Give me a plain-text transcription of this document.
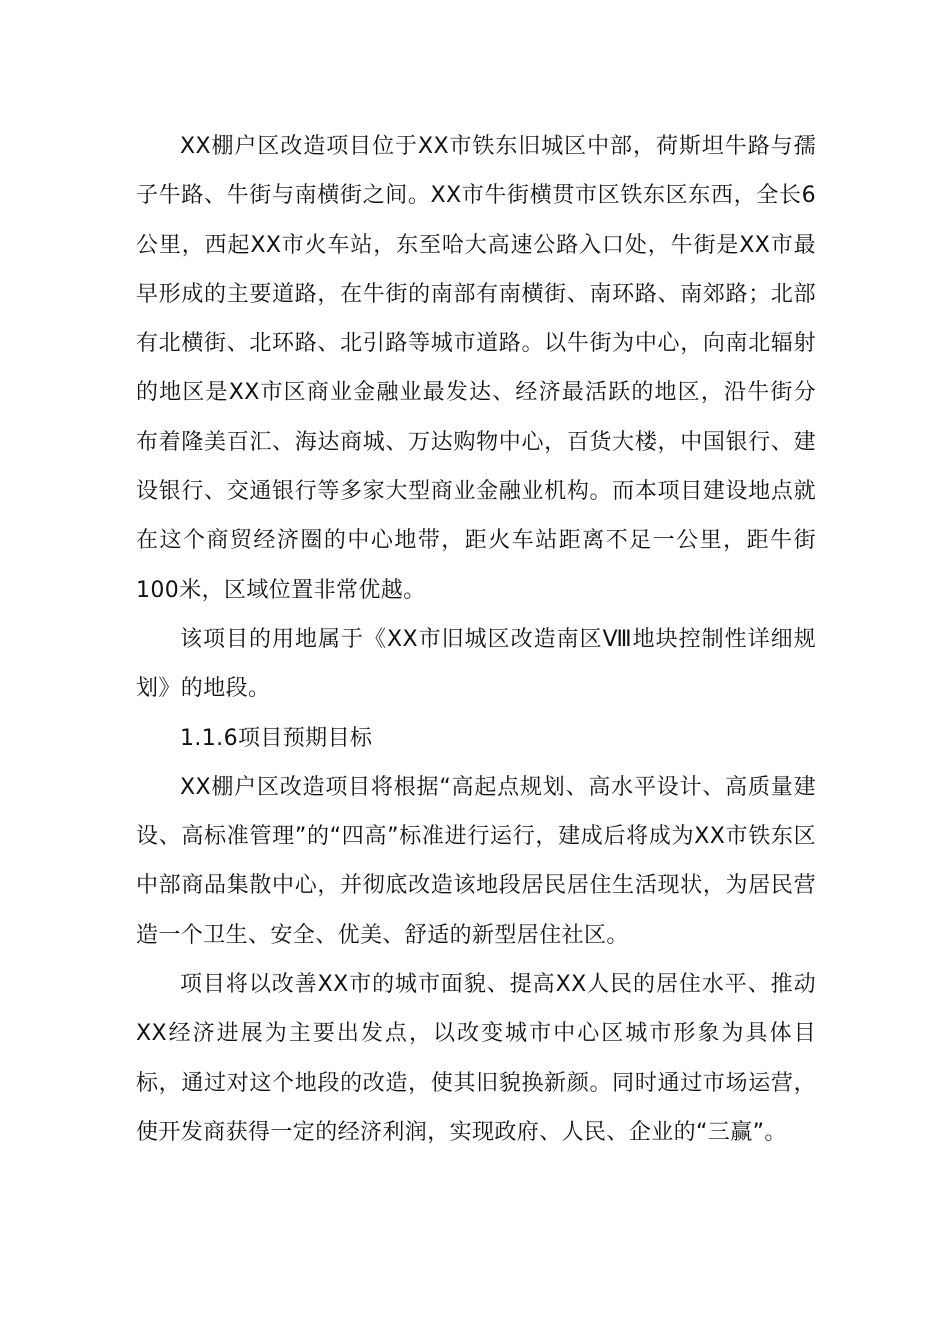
XX棚户区改造项目位于XX市铁东旧城区中部，荷斯坦牛路与孺子牛路、牛街与南横街之间。XX市牛街横贯市区铁东区东西，全长6公里，西起XX市火车站，东至哈大高速公路入口处，牛街是XX市最早形成的主要道路，在牛街的南部有南横街、南环路、南郊路；北部有北横街、北环路、北引路等城市道路。以牛街为中心，向南北辐射的地区是XX市区商业金融业最发达、经济最活跃的地区，沿牛街分布着隆美百汇、海达商城、万达购物中心，百货大楼，中国银行、建设银行、交通银行等多家大型商业金融业机构。而本项目建设地点就在这个商贸经济圈的中心地带，距火车站距离不足一公里，距牛街100米，区域位置非常优越。

该项目的用地属于《XX市旧城区改造南区Ⅷ地块控制性详细规划》的地段。

1.1.6项目预期目标

XX棚户区改造项目将根据“高起点规划、高水平设计、高质量建设、高标准管理”的“四高”标准进行运行，建成后将成为XX市铁东区中部商品集散中心，并彻底改造该地段居民居住生活现状，为居民营造一个卫生、安全、优美、舒适的新型居住社区。

项目将以改善XX市的城市面貌、提高XX人民的居住水平、推动XX经济进展为主要出发点，以改变城市中心区城市形象为具体目标，通过对这个地段的改造，使其旧貌换新颜。同时通过市场运营，使开发商获得一定的经济利润，实现政府、人民、企业的“三赢”。
